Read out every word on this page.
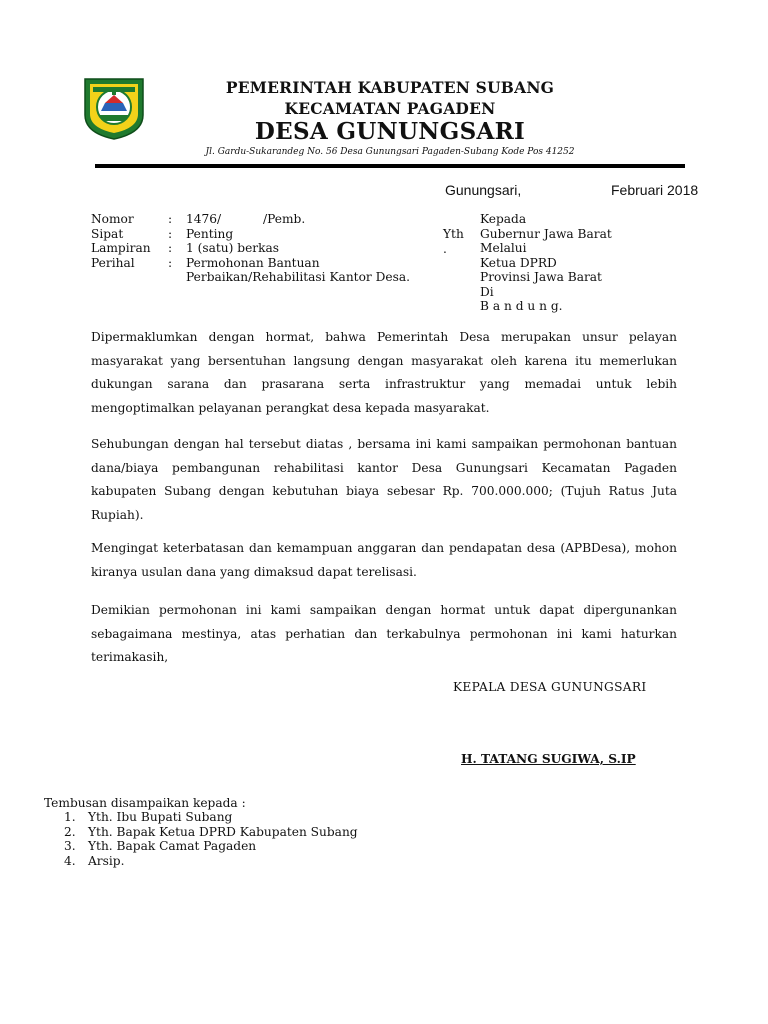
PEMERINTAH KABUPATEN SUBANG
KECAMATAN PAGADEN
DESA GUNUNGSARI
Jl. Gardu-Sukarandeg No. 56 Desa Gunungsari Pagaden-Subang Kode Pos 41252
Gunungsari,	Februari 2018
Nomor	: 1476/	/Pemb.
Sipat	: Penting
Lampiran : 1 (satu) berkas
Perihal	: Permohonan Bantuan
Perbaikan/Rehabilitasi Kantor Desa.
Yth
.
Kepada
Gubernur Jawa Barat
Melalui
Ketua DPRD
Provinsi Jawa Barat
Di
B a n d u n g.
Dipermaklumkan dengan hormat, bahwa Pemerintah Desa merupakan unsur pelayan masyarakat yang bersentuhan langsung dengan masyarakat oleh karena itu memerlukan dukungan sarana dan prasarana serta infrastruktur yang memadai untuk lebih mengoptimalkan pelayanan perangkat desa kepada masyarakat.
Sehubungan dengan hal tersebut diatas , bersama ini kami sampaikan permohonan bantuan dana/biaya pembangunan rehabilitasi kantor Desa Gunungsari Kecamatan Pagaden kabupaten Subang dengan kebutuhan biaya sebesar Rp. 700.000.000; (Tujuh Ratus Juta Rupiah).
Mengingat keterbatasan dan kemampuan anggaran dan pendapatan desa (APBDesa), mohon kiranya usulan dana yang dimaksud dapat terelisasi.
Demikian permohonan ini kami sampaikan dengan hormat untuk dapat dipergunankan sebagaimana mestinya, atas perhatian dan terkabulnya permohonan ini kami haturkan terimakasih,
KEPALA DESA GUNUNGSARI
H. TATANG SUGIWA, S.IP
Tembusan disampaikan kepada :
1. Yth. Ibu Bupati Subang
2. Yth. Bapak Ketua DPRD Kabupaten Subang
3. Yth. Bapak Camat Pagaden
4. Arsip.
